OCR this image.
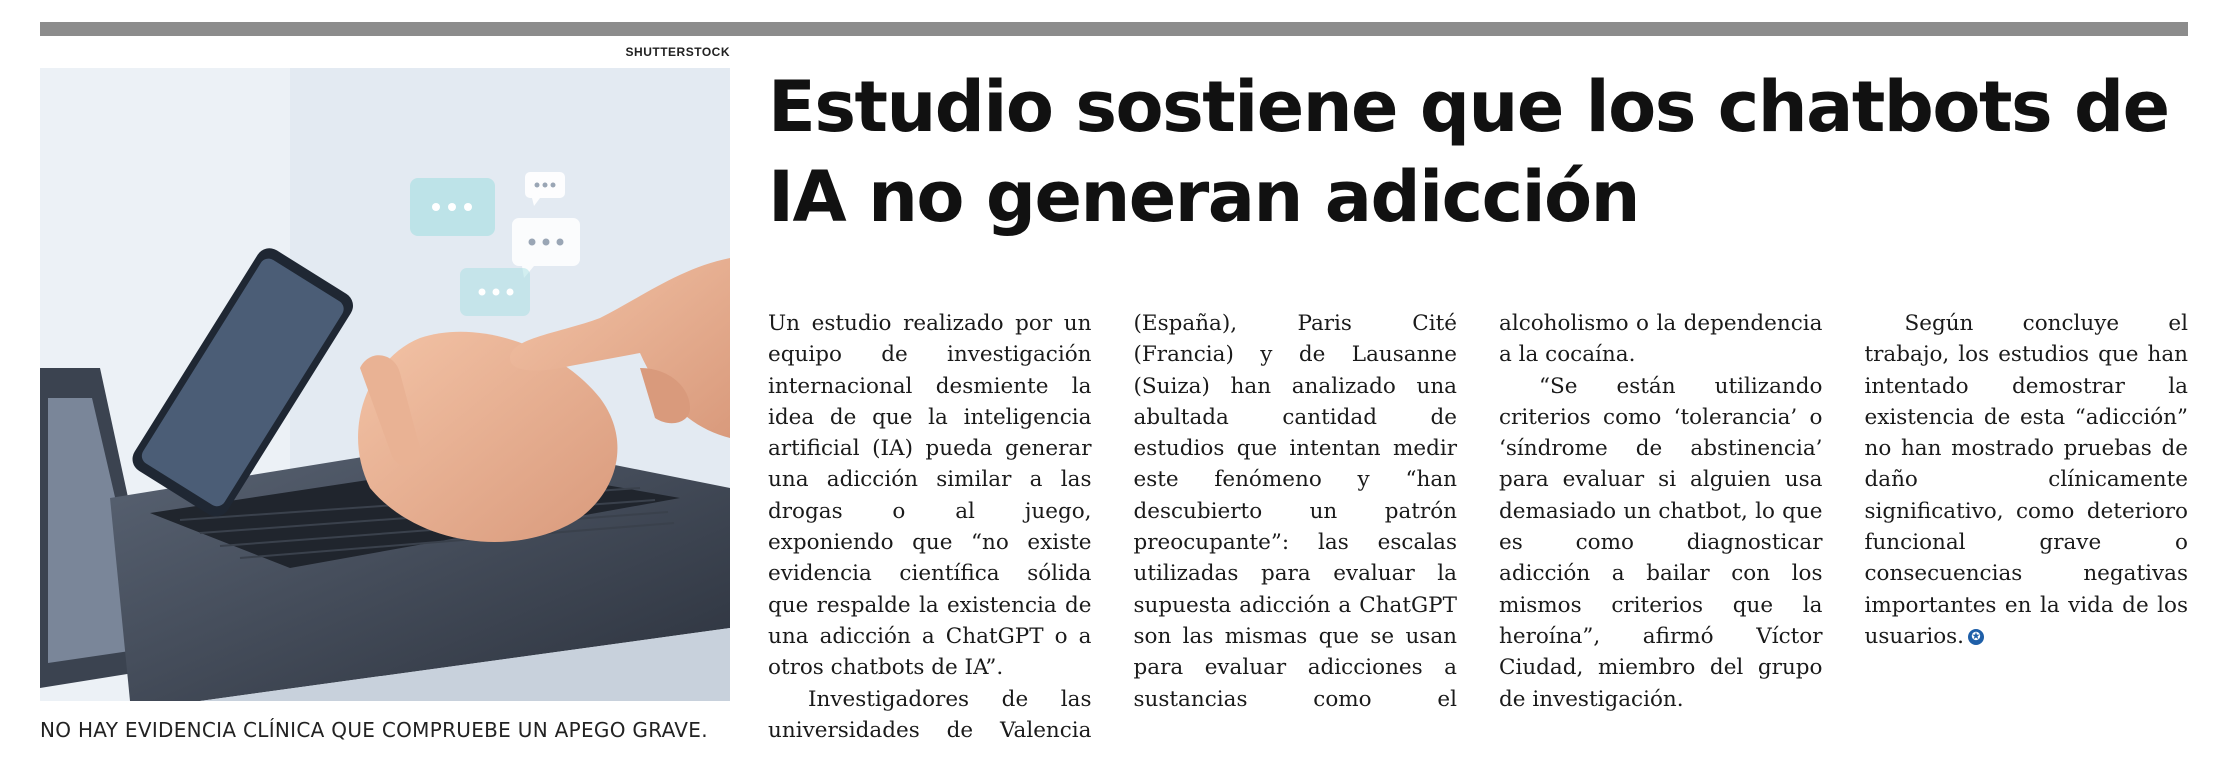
SHUTTERSTOCK
NO HAY EVIDENCIA CLÍNICA QUE COMPRUEBE UN APEGO GRAVE.
Estudio sostiene que los chatbots de IA no generan adicción

Un estudio realizado por un equipo de investigación internacional desmiente la idea de que la inteligencia artificial (IA) pueda generar una adicción similar a las drogas o al juego, exponiendo que “no existe evidencia científica sólida que respalde la existencia de una adicción a ChatGPT o a otros chatbots de IA”.

Investigadores de las universidades de Valencia (España), Paris Cité (Francia) y de Lausanne (Suiza) han analizado una abultada cantidad de estudios que intentan medir este fenómeno y “han descubierto un patrón preocupante”: las escalas utilizadas para evaluar la supuesta adicción a ChatGPT son las mismas que se usan para evaluar adicciones a sustancias como el alcoholismo o la dependencia a la cocaína.

“Se están utilizando criterios como ‘tolerancia’ o ‘síndrome de abstinencia’ para evaluar si alguien usa demasiado un chatbot, lo que es como diagnosticar adicción a bailar con los mismos criterios que la heroína”, afirmó Víctor Ciudad, miembro del grupo de investigación.

Según concluye el trabajo, los estudios que han intentado demostrar la existencia de esta “adicción” no han mostrado pruebas de daño clínicamente significativo, como deterioro funcional grave o consecuencias negativas importantes en la vida de los usuarios. ✪
